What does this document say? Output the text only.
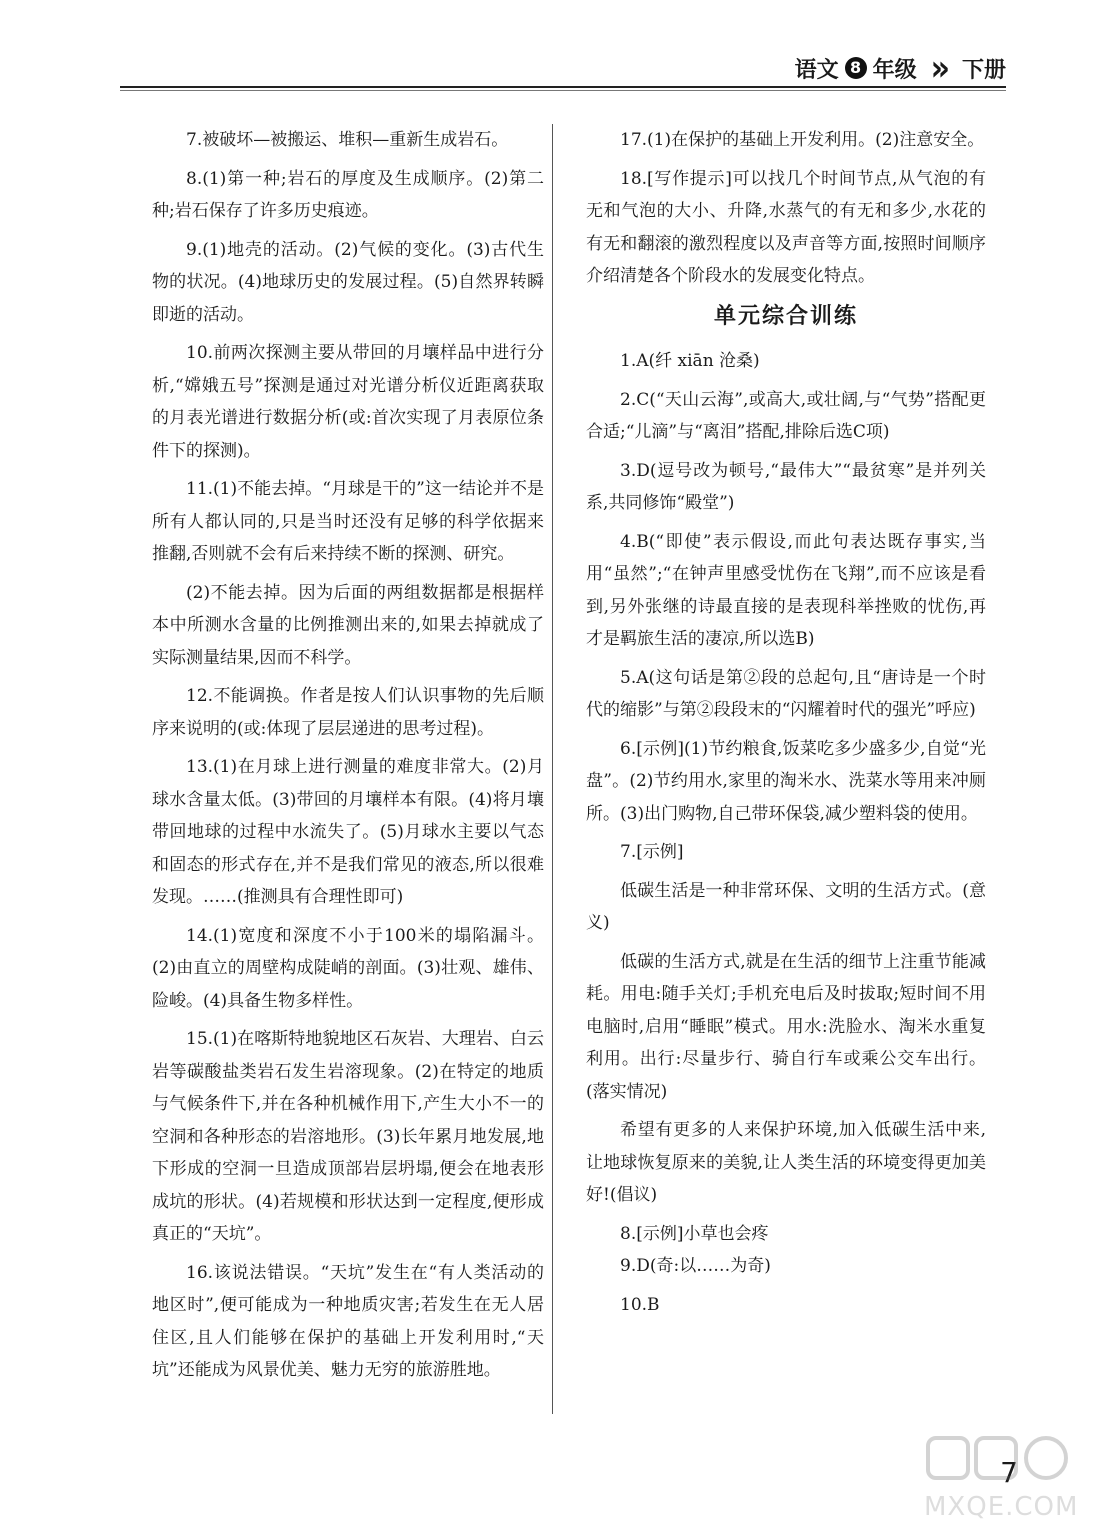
语文 8 年级 » 下册

7.被破坏—被搬运、堆积—重新生成岩石。

8.(1)第一种;岩石的厚度及生成顺序。(2)第二种;岩石保存了许多历史痕迹。

9.(1)地壳的活动。(2)气候的变化。(3)古代生物的状况。(4)地球历史的发展过程。(5)自然界转瞬即逝的活动。

10.前两次探测主要从带回的月壤样品中进行分析,“嫦娥五号”探测是通过对光谱分析仪近距离获取的月表光谱进行数据分析(或:首次实现了月表原位条件下的探测)。

11.(1)不能去掉。“月球是干的”这一结论并不是所有人都认同的,只是当时还没有足够的科学依据来推翻,否则就不会有后来持续不断的探测、研究。

(2)不能去掉。因为后面的两组数据都是根据样本中所测水含量的比例推测出来的,如果去掉就成了实际测量结果,因而不科学。

12.不能调换。作者是按人们认识事物的先后顺序来说明的(或:体现了层层递进的思考过程)。

13.(1)在月球上进行测量的难度非常大。(2)月球水含量太低。(3)带回的月壤样本有限。(4)将月壤带回地球的过程中水流失了。(5)月球水主要以气态和固态的形式存在,并不是我们常见的液态,所以很难发现。……(推测具有合理性即可)

14.(1)宽度和深度不小于100米的塌陷漏斗。(2)由直立的周壁构成陡峭的剖面。(3)壮观、雄伟、险峻。(4)具备生物多样性。

15.(1)在喀斯特地貌地区石灰岩、大理岩、白云岩等碳酸盐类岩石发生岩溶现象。(2)在特定的地质与气候条件下,并在各种机械作用下,产生大小不一的空洞和各种形态的岩溶地形。(3)长年累月地发展,地下形成的空洞一旦造成顶部岩层坍塌,便会在地表形成坑的形状。(4)若规模和形状达到一定程度,便形成真正的“天坑”。

16.该说法错误。“天坑”发生在“有人类活动的地区时”,便可能成为一种地质灾害;若发生在无人居住区,且人们能够在保护的基础上开发利用时,“天坑”还能成为风景优美、魅力无穷的旅游胜地。

17.(1)在保护的基础上开发利用。(2)注意安全。

18.[写作提示]可以找几个时间节点,从气泡的有无和气泡的大小、升降,水蒸气的有无和多少,水花的有无和翻滚的激烈程度以及声音等方面,按照时间顺序介绍清楚各个阶段水的发展变化特点。

单元综合训练

1.A(纤 xiān 沧桑)

2.C(“天山云海”,或高大,或壮阔,与“气势”搭配更合适;“儿滴”与“离泪”搭配,排除后选C项)

3.D(逗号改为顿号,“最伟大”“最贫寒”是并列关系,共同修饰“殿堂”)

4.B(“即使”表示假设,而此句表达既存事实,当用“虽然”;“在钟声里感受忧伤在飞翔”,而不应该是看到,另外张继的诗最直接的是表现科举挫败的忧伤,再才是羁旅生活的凄凉,所以选B)

5.A(这句话是第②段的总起句,且“唐诗是一个时代的缩影”与第②段段末的“闪耀着时代的强光”呼应)

6.[示例](1)节约粮食,饭菜吃多少盛多少,自觉“光盘”。(2)节约用水,家里的淘米水、洗菜水等用来冲厕所。(3)出门购物,自己带环保袋,减少塑料袋的使用。

7.[示例]

低碳生活是一种非常环保、文明的生活方式。(意义)

低碳的生活方式,就是在生活的细节上注重节能减耗。用电:随手关灯;手机充电后及时拔取;短时间不用电脑时,启用“睡眠”模式。用水:洗脸水、淘米水重复利用。出行:尽量步行、骑自行车或乘公交车出行。(落实情况)

希望有更多的人来保护环境,加入低碳生活中来,让地球恢复原来的美貌,让人类生活的环境变得更加美好!(倡议)

8.[示例]小草也会疼

9.D(奇:以……为奇)

10.B

7
MXQE.COM
